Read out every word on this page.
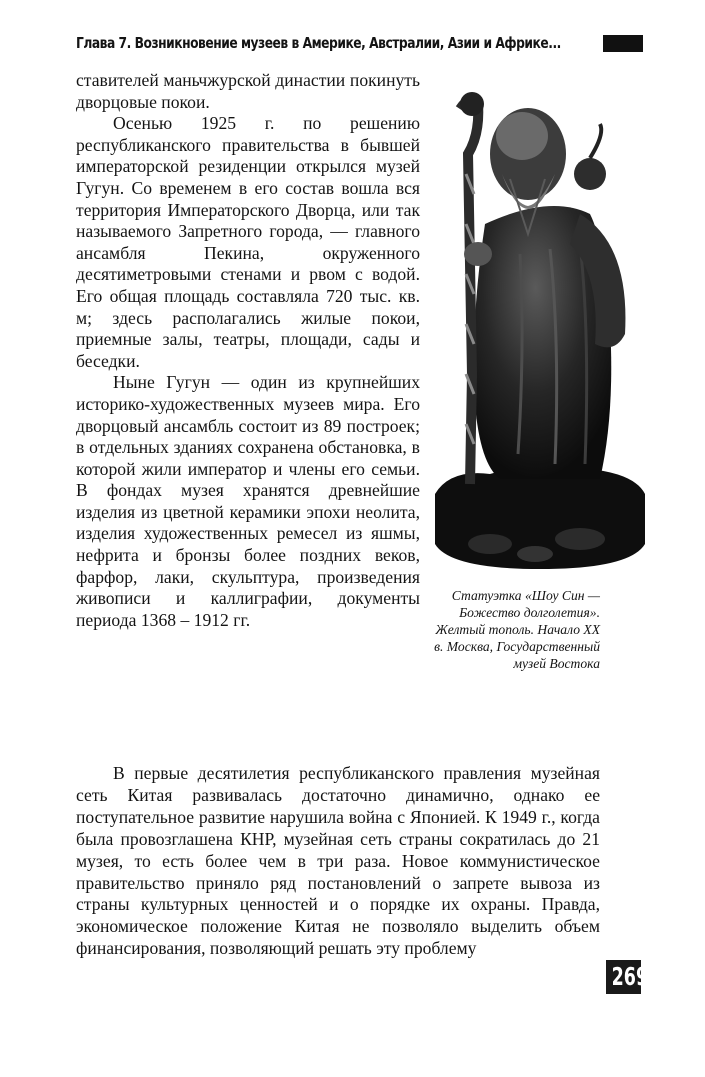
Глава 7. Возникновение музеев в Америке, Австралии, Азии и Африке...

ставителей маньчжурской династии покинуть дворцовые покои.

Осенью 1925 г. по решению республиканского правительства в бывшей императорской резиденции открылся музей Гугун. Со временем в его состав вошла вся территория Императорского Дворца, или так называемого Запретного города, — главного ансамбля Пекина, окруженного десятиметровыми стенами и рвом с водой. Его общая площадь составляла 720 тыс. кв. м; здесь располагались жилые покои, приемные залы, театры, площади, сады и беседки.

Ныне Гугун — один из крупнейших историко-художественных музеев мира. Его дворцовый ансамбль состоит из 89 построек; в отдельных зданиях сохранена обстановка, в которой жили император и члены его семьи. В фондах музея хранятся древнейшие изделия из цветной керамики эпохи неолита, изделия художественных ремесел из яшмы, нефрита и бронзы более поздних веков, фарфор, лаки, скульптура, произведения живописи и каллиграфии, документы периода 1368 – 1912 гг.

Статуэтка «Шоу Син — Божество долголетия». Желтый тополь. Начало XX в. Москва, Государственный музей Востока

В первые десятилетия республиканского правления музейная сеть Китая развивалась достаточно динамично, однако ее поступательное развитие нарушила война с Японией. К 1949 г., когда была провозглашена КНР, музейная сеть страны сократилась до 21 музея, то есть более чем в три раза. Новое коммунистическое правительство приняло ряд постановлений о запрете вывоза из страны культурных ценностей и о порядке их охраны. Правда, экономическое положение Китая не позволяло выделить объем финансирования, позволяющий решать эту проблему

269
